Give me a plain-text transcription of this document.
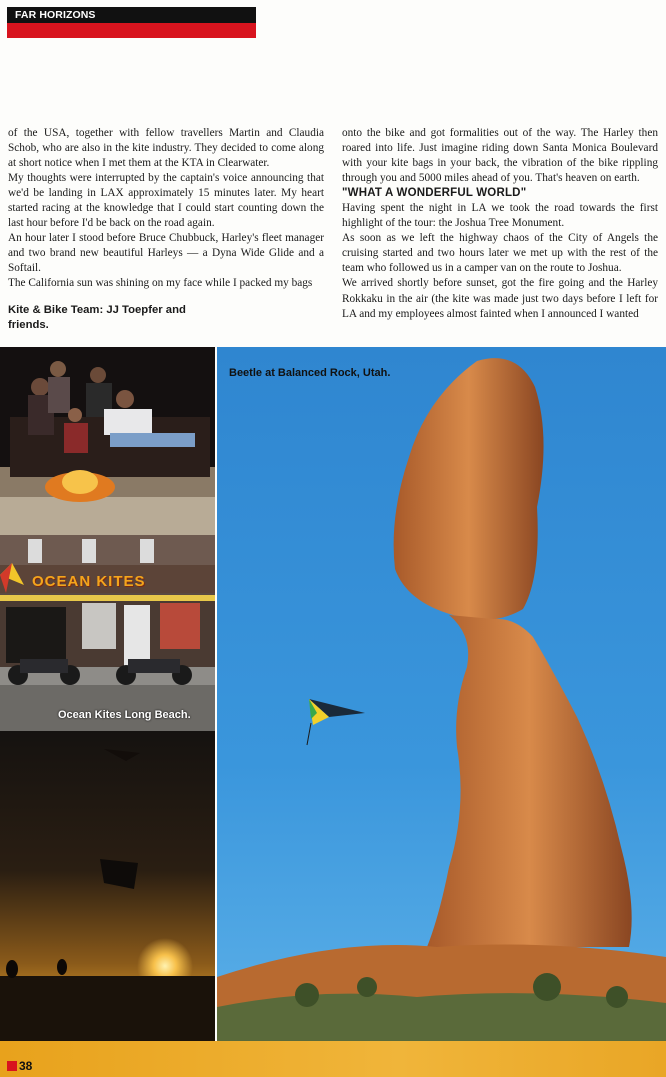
FAR HORIZONS

of the USA, together with fellow travellers Martin and Claudia Schob, who are also in the kite industry. They decided to come along at short notice when I met them at the KTA in Clearwater.

My thoughts were interrupted by the captain's voice announcing that we'd be landing in LAX approximately 15 minutes later. My heart started racing at the knowledge that I could start counting down the last hour before I'd be back on the road again.

An hour later I stood before Bruce Chubbuck, Harley's fleet manager and two brand new beautiful Harleys — a Dyna Wide Glide and a Softail.

The California sun was shining on my face while I packed my bags

Kite & Bike Team: JJ Toepfer and friends.

onto the bike and got formalities out of the way. The Harley then roared into life. Just imagine riding down Santa Monica Boulevard with your kite bags in your back, the vibration of the bike rippling through you and 5000 miles ahead of you. That's heaven on earth.

"WHAT A WONDERFUL WORLD"

Having spent the night in LA we took the road towards the first highlight of the tour: the Joshua Tree Monument.

As soon as we left the highway chaos of the City of Angels the cruising started and two hours later we met up with the rest of the team who followed us in a camper van on the route to Joshua.

We arrived shortly before sunset, got the fire going and the Harley Rokkaku in the air (the kite was made just two days before I left for LA and my employees almost fainted when I announced I wanted

OCEAN KITES
Ocean Kites Long Beach.
Beetle at Balanced Rock, Utah.
38
